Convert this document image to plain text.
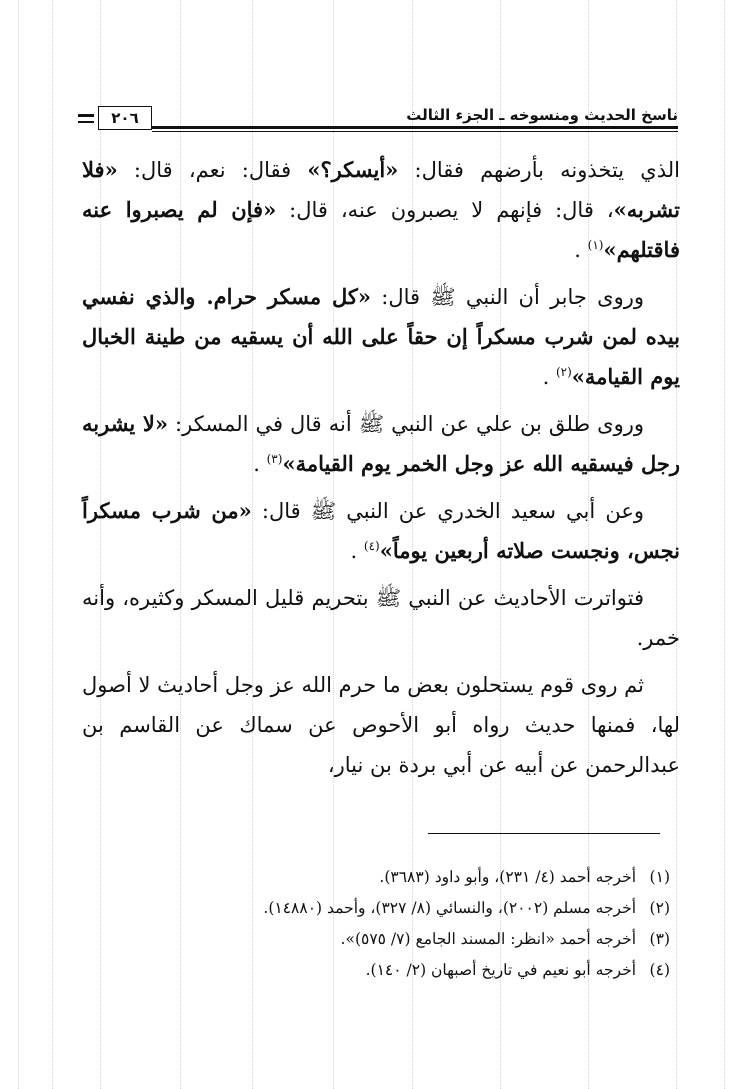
ناسخ الحديث ومنسوخه ـ الجزء الثالث
٢٠٦

الذي يتخذونه بأرضهم فقال: «أيسكر؟» فقال: نعم، قال: «فلا تشربه»، قال: فإنهم لا يصبرون عنه، قال: «فإن لم يصبروا عنه فاقتلهم»$^{(١)}$ .

وروى جابر أن النبي ﷺ قال: «كل مسكر حرام. والذي نفسي بيده لمن شرب مسكراً إن حقاً على الله أن يسقيه من طينة الخبال يوم القيامة»$^{(٢)}$ .

وروى طلق بن علي عن النبي ﷺ أنه قال في المسكر: «لا يشربه رجل فيسقيه الله عز وجل الخمر يوم القيامة»$^{(٣)}$ .

وعن أبي سعيد الخدري عن النبي ﷺ قال: «من شرب مسكراً نجس، ونجست صلاته أربعين يوماً»$^{(٤)}$ .

فتواترت الأحاديث عن النبي ﷺ بتحريم قليل المسكر وكثيره، وأنه خمر.

ثم روى قوم يستحلون بعض ما حرم الله عز وجل أحاديث لا أصول لها، فمنها حديث رواه أبو الأحوص عن سماك عن القاسم بن عبدالرحمن عن أبيه عن أبي بردة بن نيار،

(١)أخرجه أحمد (٤/ ٢٣١)، وأبو داود (٣٦٨٣).
(٢)أخرجه مسلم (٢٠٠٢)، والنسائي (٨/ ٣٢٧)، وأحمد (١٤٨٨٠).
(٣)أخرجه أحمد «انظر: المسند الجامع (٧/ ٥٧٥)».
(٤)أخرجه أبو نعيم في تاريخ أصبهان (٢/ ١٤٠).
